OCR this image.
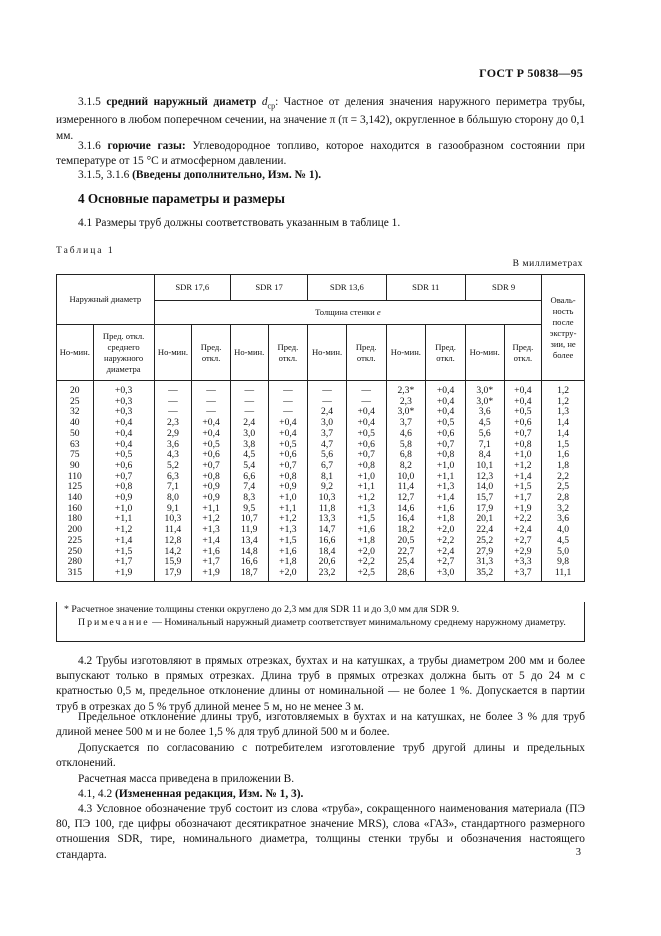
ГОСТ Р 50838—95

3.1.5 средний наружный диаметр $d_{ср}$: Частное от деления значения наружного периметра трубы, измеренного в любом поперечном сечении, на значение π (π = 3,142), округленное в бóльшую сторону до 0,1 мм.

3.1.6 горючие газы: Углеводородное топливо, которое находится в газообразном состоянии при температуре от 15 °C и атмосферном давлении.

3.1.5, 3.1.6 (Введены дополнительно, Изм. № 1).

4 Основные параметры и размеры

4.1 Размеры труб должны соответствовать указанным в таблице 1.

Таблица 1
В миллиметрах
Наружный диаметр		SDR 17,6		SDR 17		SDR 13,6		SDR 11		SDR 9		Оваль-ность после экстру-зии, не более
		Толщина стенки e										
Но-мин.	Пред. откл. среднего наружного диаметра	Но-мин.	Пред. откл.	Но-мин.	Пред. откл.	Но-мин.	Пред. откл.	Но-мин.	Пред. откл.	Но-мин.	Пред. откл.	
20	+0,3	—	—	—	—	—	—	2,3*	+0,4	3,0*	+0,4	1,2
25	+0,3	—	—	—	—	—	—	2,3	+0,4	3,0*	+0,4	1,2
32	+0,3	—	—	—	—	2,4	+0,4	3,0*	+0,4	3,6	+0,5	1,3
40	+0,4	2,3	+0,4	2,4	+0,4	3,0	+0,4	3,7	+0,5	4,5	+0,6	1,4
50	+0,4	2,9	+0,4	3,0	+0,4	3,7	+0,5	4,6	+0,6	5,6	+0,7	1,4
63	+0,4	3,6	+0,5	3,8	+0,5	4,7	+0,6	5,8	+0,7	7,1	+0,8	1,5
75	+0,5	4,3	+0,6	4,5	+0,6	5,6	+0,7	6,8	+0,8	8,4	+1,0	1,6
90	+0,6	5,2	+0,7	5,4	+0,7	6,7	+0,8	8,2	+1,0	10,1	+1,2	1,8
110	+0,7	6,3	+0,8	6,6	+0,8	8,1	+1,0	10,0	+1,1	12,3	+1,4	2,2
125	+0,8	7,1	+0,9	7,4	+0,9	9,2	+1,1	11,4	+1,3	14,0	+1,5	2,5
140	+0,9	8,0	+0,9	8,3	+1,0	10,3	+1,2	12,7	+1,4	15,7	+1,7	2,8
160	+1,0	9,1	+1,1	9,5	+1,1	11,8	+1,3	14,6	+1,6	17,9	+1,9	3,2
180	+1,1	10,3	+1,2	10,7	+1,2	13,3	+1,5	16,4	+1,8	20,1	+2,2	3,6
200	+1,2	11,4	+1,3	11,9	+1,3	14,7	+1,6	18,2	+2,0	22,4	+2,4	4,0
225	+1,4	12,8	+1,4	13,4	+1,5	16,6	+1,8	20,5	+2,2	25,2	+2,7	4,5
250	+1,5	14,2	+1,6	14,8	+1,6	18,4	+2,0	22,7	+2,4	27,9	+2,9	5,0
280	+1,7	15,9	+1,7	16,6	+1,8	20,6	+2,2	25,4	+2,7	31,3	+3,3	9,8
315	+1,9	17,9	+1,9	18,7	+2,0	23,2	+2,5	28,6	+3,0	35,2	+3,7	11,1
* Расчетное значение толщины стенки округлено до 2,3 мм для SDR 11 и до 3,0 мм для SDR 9.
Примечание — Номинальный наружный диаметр соответствует минимальному среднему наружному диаметру.

4.2 Трубы изготовляют в прямых отрезках, бухтах и на катушках, а трубы диаметром 200 мм и более выпускают только в прямых отрезках. Длина труб в прямых отрезках должна быть от 5 до 24 м с кратностью 0,5 м, предельное отклонение длины от номинальной — не более 1 %. Допускается в партии труб в отрезках до 5 % труб длиной менее 5 м, но не менее 3 м.

Предельное отклонение длины труб, изготовляемых в бухтах и на катушках, не более 3 % для труб длиной менее 500 м и не более 1,5 % для труб длиной 500 м и более.

Допускается по согласованию с потребителем изготовление труб другой длины и предельных отклонений.

Расчетная масса приведена в приложении В.

4.1, 4.2 (Измененная редакция, Изм. № 1, 3).

4.3 Условное обозначение труб состоит из слова «труба», сокращенного наименования материала (ПЭ 80, ПЭ 100, где цифры обозначают десятикратное значение MRS), слова «ГАЗ», стандартного размерного отношения SDR, тире, номинального диаметра, толщины стенки трубы и обозначения настоящего стандарта.	3
